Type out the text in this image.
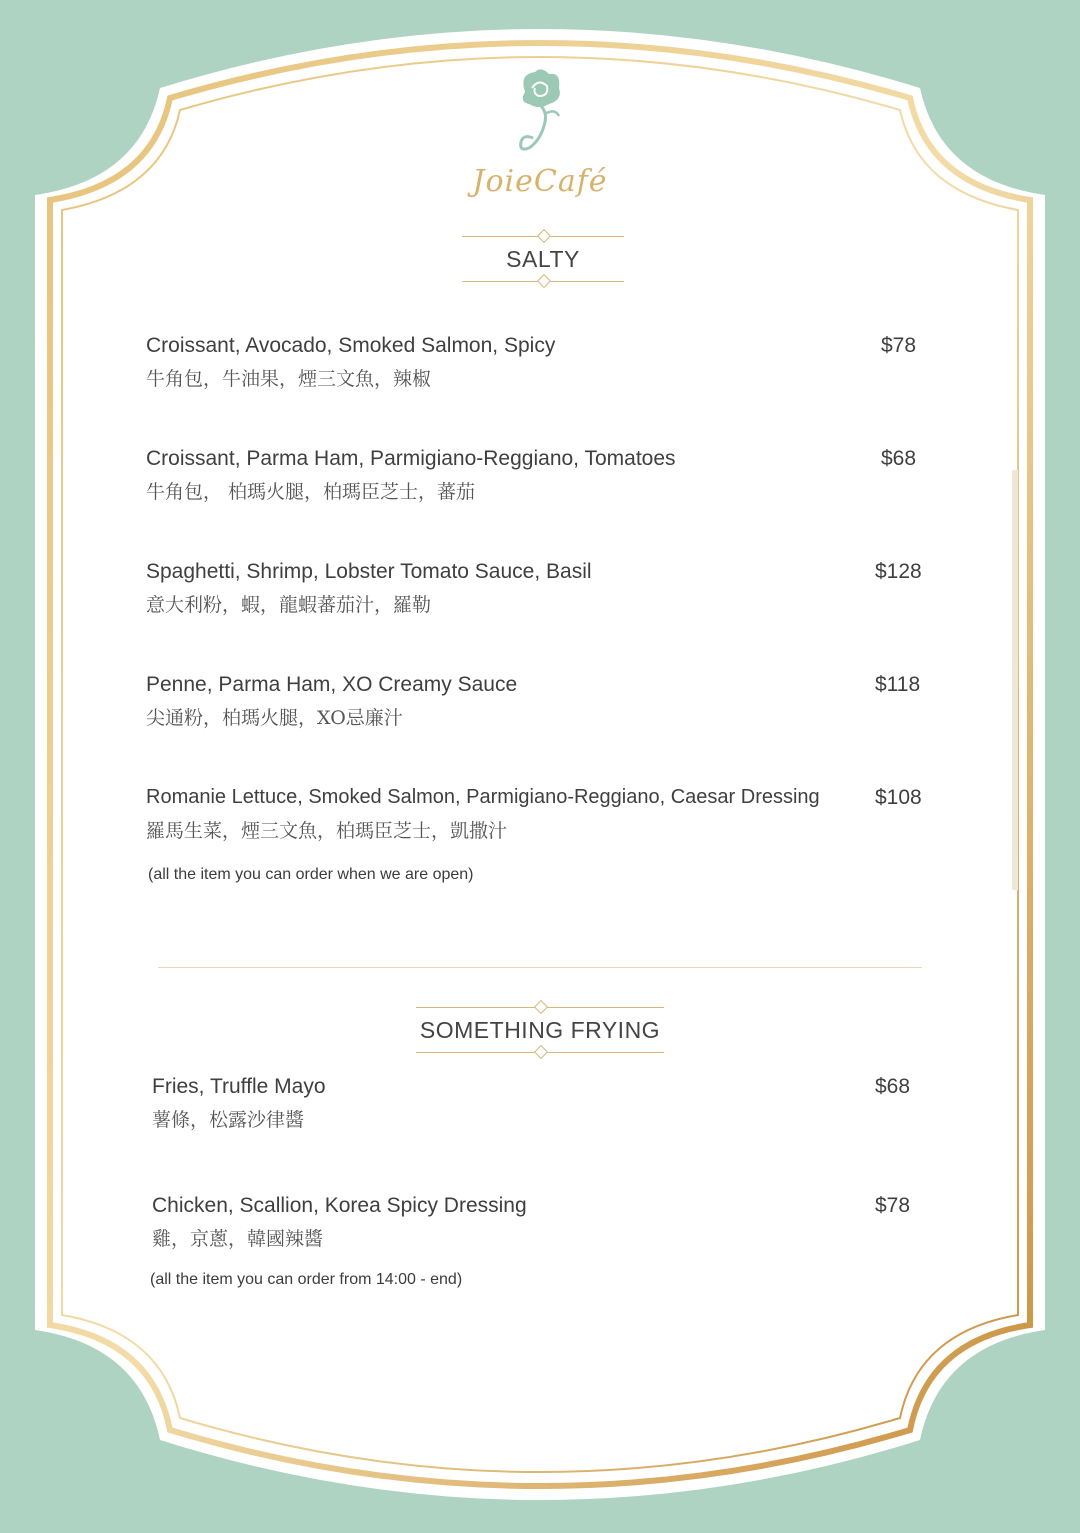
JoieCafé
SALTY
Croissant, Avocado, Smoked Salmon, Spicy
牛角包，牛油果，煙三文魚，辣椒
$78
Croissant, Parma Ham, Parmigiano-Reggiano, Tomatoes
牛角包， 柏瑪火腿，柏瑪臣芝士，蕃茄
$68
Spaghetti, Shrimp, Lobster Tomato Sauce, Basil
意大利粉，蝦，龍蝦蕃茄汁，羅勒
$128
Penne, Parma Ham, XO Creamy Sauce
尖通粉，柏瑪火腿，XO忌廉汁
$118
Romanie Lettuce, Smoked Salmon, Parmigiano-Reggiano, Caesar Dressing
羅馬生菜，煙三文魚，柏瑪臣芝士，凱撒汁
$108
(all the item you can order when we are open)
SOMETHING FRYING
Fries, Truffle Mayo
薯條，松露沙律醬
$68
Chicken, Scallion, Korea Spicy Dressing
雞，京蔥，韓國辣醬
$78
(all the item you can order from 14:00 - end)
